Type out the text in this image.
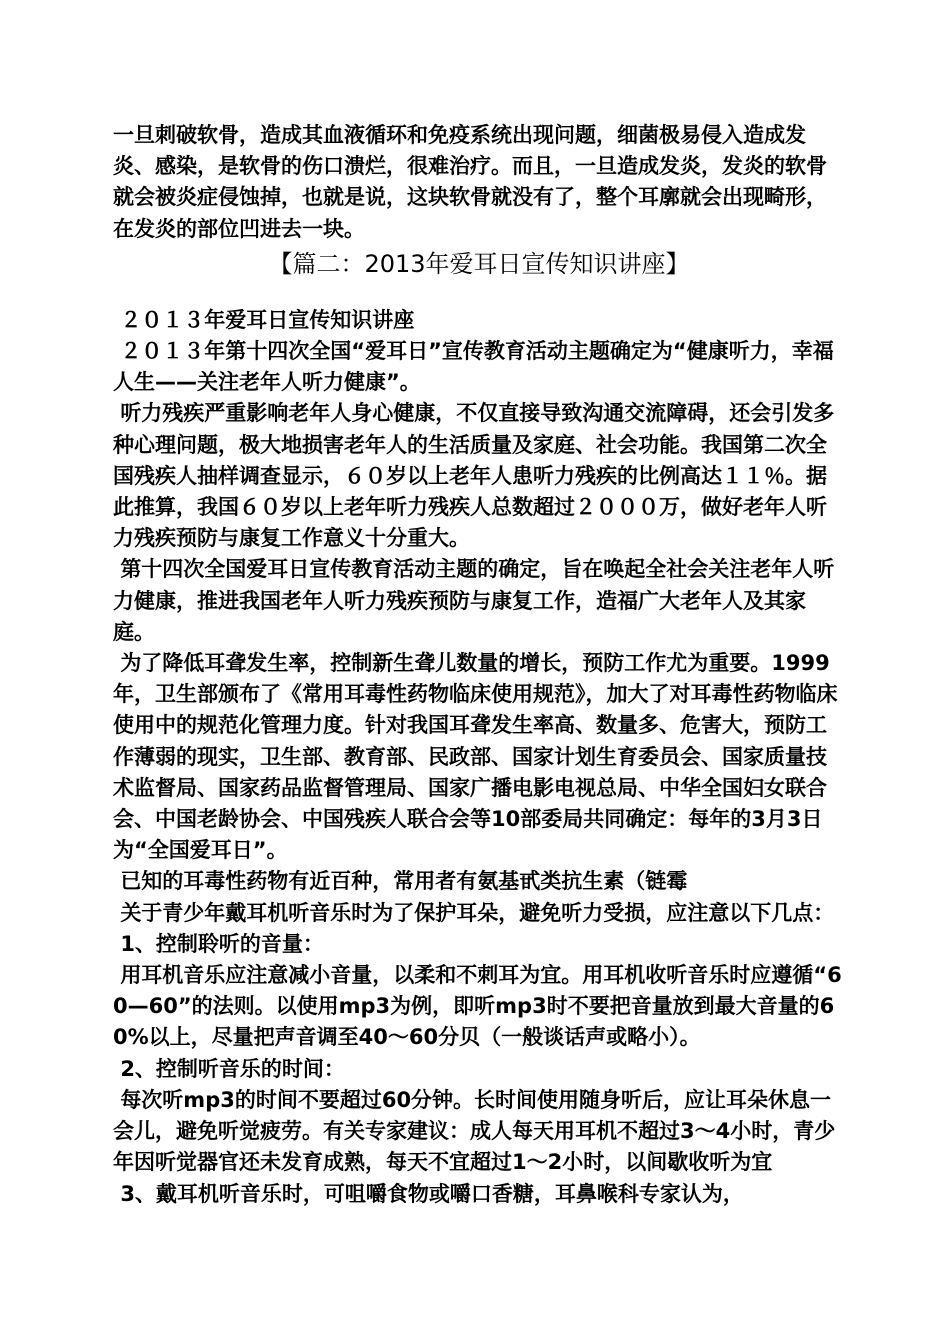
一旦刺破软骨，造成其血液循环和免疫系统出现问题，细菌极易侵入造成发炎、感染，是软骨的伤口溃烂，很难治疗。而且，一旦造成发炎，发炎的软骨就会被炎症侵蚀掉，也就是说，这块软骨就没有了，整个耳廓就会出现畸形，在发炎的部位凹进去一块。

【篇二：2013年爱耳日宣传知识讲座】

２０１３年爱耳日宣传知识讲座

２０１３年第十四次全国“爱耳日”宣传教育活动主题确定为“健康听力，幸福人生——关注老年人听力健康”。

听力残疾严重影响老年人身心健康，不仅直接导致沟通交流障碍，还会引发多种心理问题，极大地损害老年人的生活质量及家庭、社会功能。我国第二次全国残疾人抽样调查显示，６０岁以上老年人患听力残疾的比例高达１１％。据此推算，我国６０岁以上老年听力残疾人总数超过２０００万，做好老年人听力残疾预防与康复工作意义十分重大。

第十四次全国爱耳日宣传教育活动主题的确定，旨在唤起全社会关注老年人听力健康，推进我国老年人听力残疾预防与康复工作，造福广大老年人及其家庭。

为了降低耳聋发生率，控制新生聋儿数量的增长，预防工作尤为重要。1999年，卫生部颁布了《常用耳毒性药物临床使用规范》，加大了对耳毒性药物临床使用中的规范化管理力度。针对我国耳聋发生率高、数量多、危害大，预防工作薄弱的现实，卫生部、教育部、民政部、国家计划生育委员会、国家质量技术监督局、国家药品监督管理局、国家广播电影电视总局、中华全国妇女联合会、中国老龄协会、中国残疾人联合会等10部委局共同确定：每年的3月3日为“全国爱耳日”。

已知的耳毒性药物有近百种，常用者有氨基甙类抗生素（链霉

关于青少年戴耳机听音乐时为了保护耳朵，避免听力受损，应注意以下几点：

1、控制聆听的音量：

用耳机音乐应注意减小音量，以柔和不刺耳为宜。用耳机收听音乐时应遵循“60—60”的法则。以使用mp3为例，即听mp3时不要把音量放到最大音量的60%以上，尽量把声音调至40～60分贝（一般谈话声或略小）。

2、控制听音乐的时间：

每次听mp3的时间不要超过60分钟。长时间使用随身听后，应让耳朵休息一会儿，避免听觉疲劳。有关专家建议：成人每天用耳机不超过3～4小时，青少年因听觉器官还未发育成熟，每天不宜超过1～2小时，以间歇收听为宜

3、戴耳机听音乐时，可咀嚼食物或嚼口香糖，耳鼻喉科专家认为，
